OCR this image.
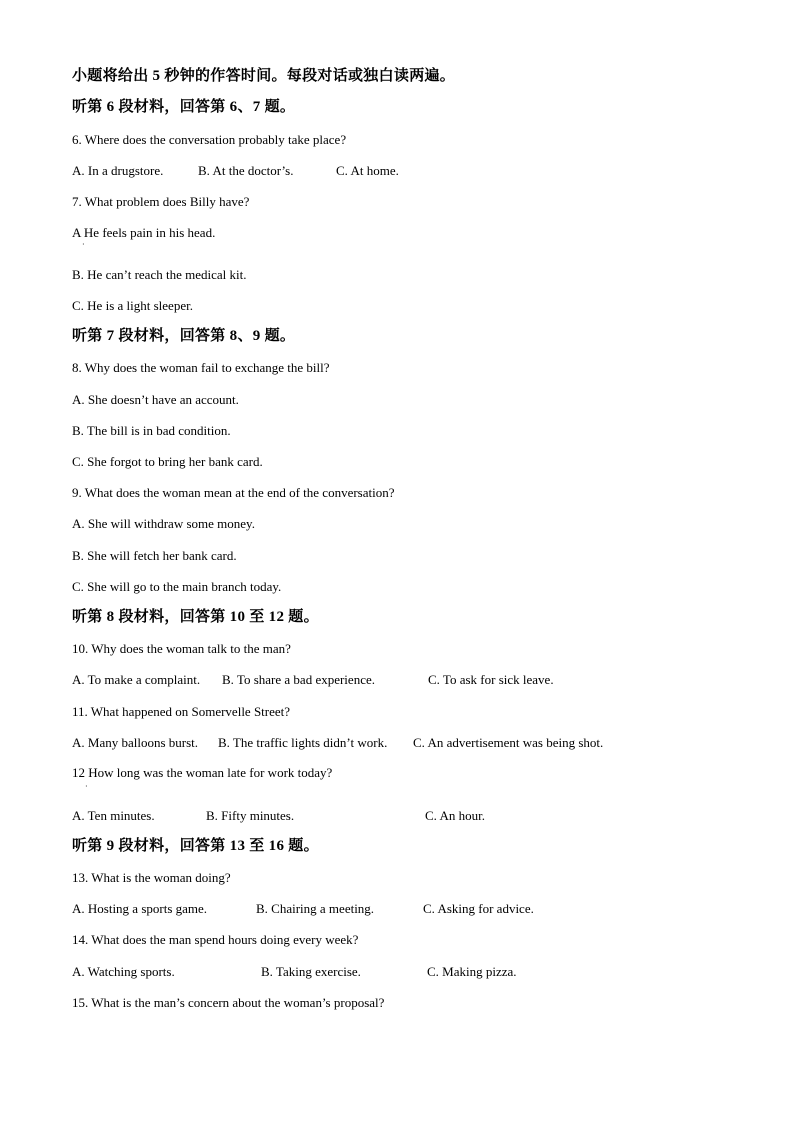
小题将给出 5 秒钟的作答时间。每段对话或独白读两遍。
听第 6 段材料，回答第 6、7 题。
6. Where does the conversation probably take place?
A. In a drugstore.	B. At the doctor’s.	C. At home.
7. What problem does Billy have?
A He feels pain in his head.
·
B. He can’t reach the medical kit.
C. He is a light sleeper.
听第 7 段材料，回答第 8、9 题。
8. Why does the woman fail to exchange the bill?
A. She doesn’t have an account.
B. The bill is in bad condition.
C. She forgot to bring her bank card.
9. What does the woman mean at the end of the conversation?
A. She will withdraw some money.
B. She will fetch her bank card.
C. She will go to the main branch today.
听第 8 段材料，回答第 10 至 12 题。
10. Why does the woman talk to the man?
A. To make a complaint. B. To share a bad experience.	C. To ask for sick leave.
11. What happened on Somervelle Street?
A. Many balloons burst. B. The traffic lights didn’t work. C. An advertisement was being shot.
12 How long was the woman late for work today?
·
A. Ten minutes.	B. Fifty minutes.	C. An hour.
听第 9 段材料，回答第 13 至 16 题。
13. What is the woman doing?
A. Hosting a sports game.	B. Chairing a meeting.	C. Asking for advice.
14. What does the man spend hours doing every week?
A. Watching sports.	B. Taking exercise.	C. Making pizza.
15. What is the man’s concern about the woman’s proposal?
